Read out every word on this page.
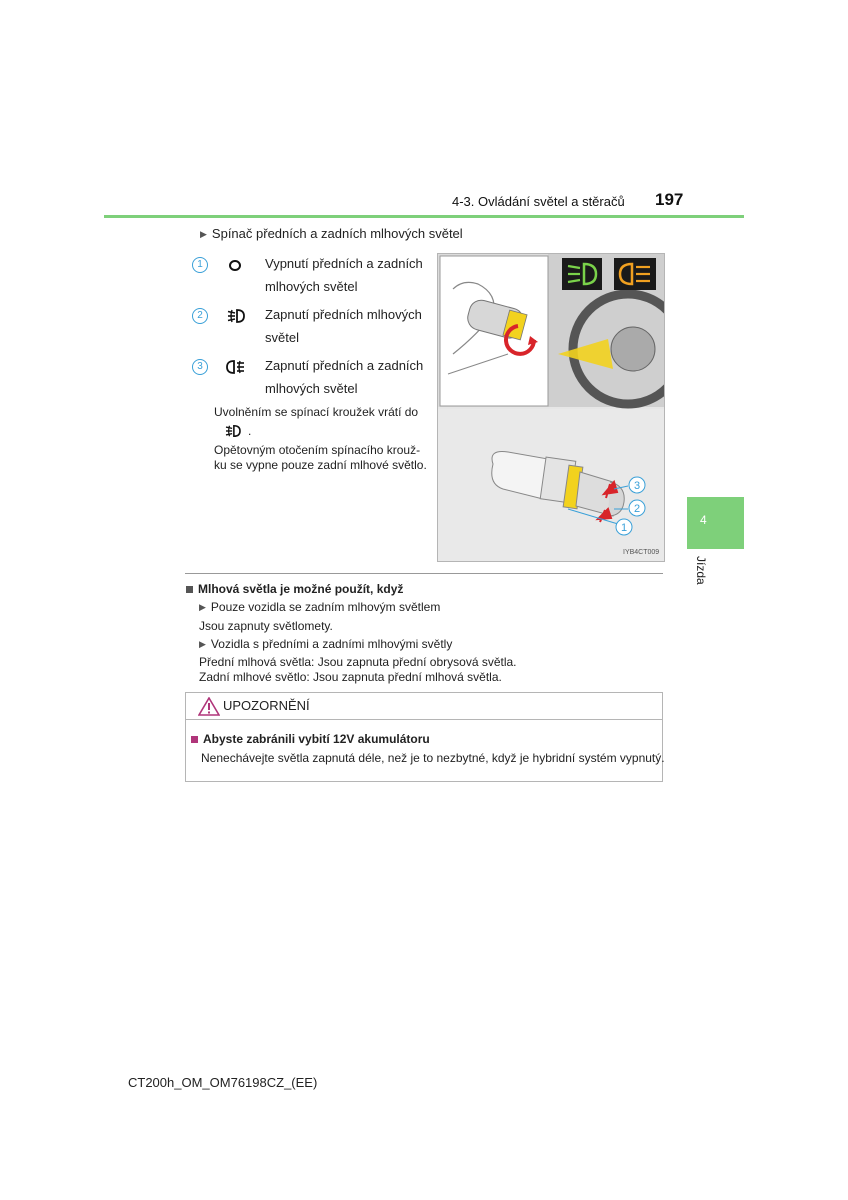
4-3. Ovládání světel a stěračů 197
4
Jízda
▶ Spínač předních a zadních mlhových světel
1	Vypnutí předních a zadních
mlhových světel
2	Zapnutí předních mlhových
světel
3	Zapnutí předních a zadních
mlhových světel
Uvolněním se spínací kroužek vrátí do
.
Opětovným otočením spínacího krouž-
ku se vypne pouze zadní mlhové světlo.
3
2
1
IYB4CT009
Mlhová světla je možné použít, když
▶ Pouze vozidla se zadním mlhovým světlem
Jsou zapnuty světlomety.
▶ Vozidla s předními a zadními mlhovými světly
Přední mlhová světla: Jsou zapnuta přední obrysová světla.
Zadní mlhové světlo: Jsou zapnuta přední mlhová světla.
UPOZORNĚNÍ
Abyste zabránili vybití 12V akumulátoru
Nenechávejte světla zapnutá déle, než je to nezbytné, když je hybridní systém vypnutý.
CT200h_OM_OM76198CZ_(EE)
